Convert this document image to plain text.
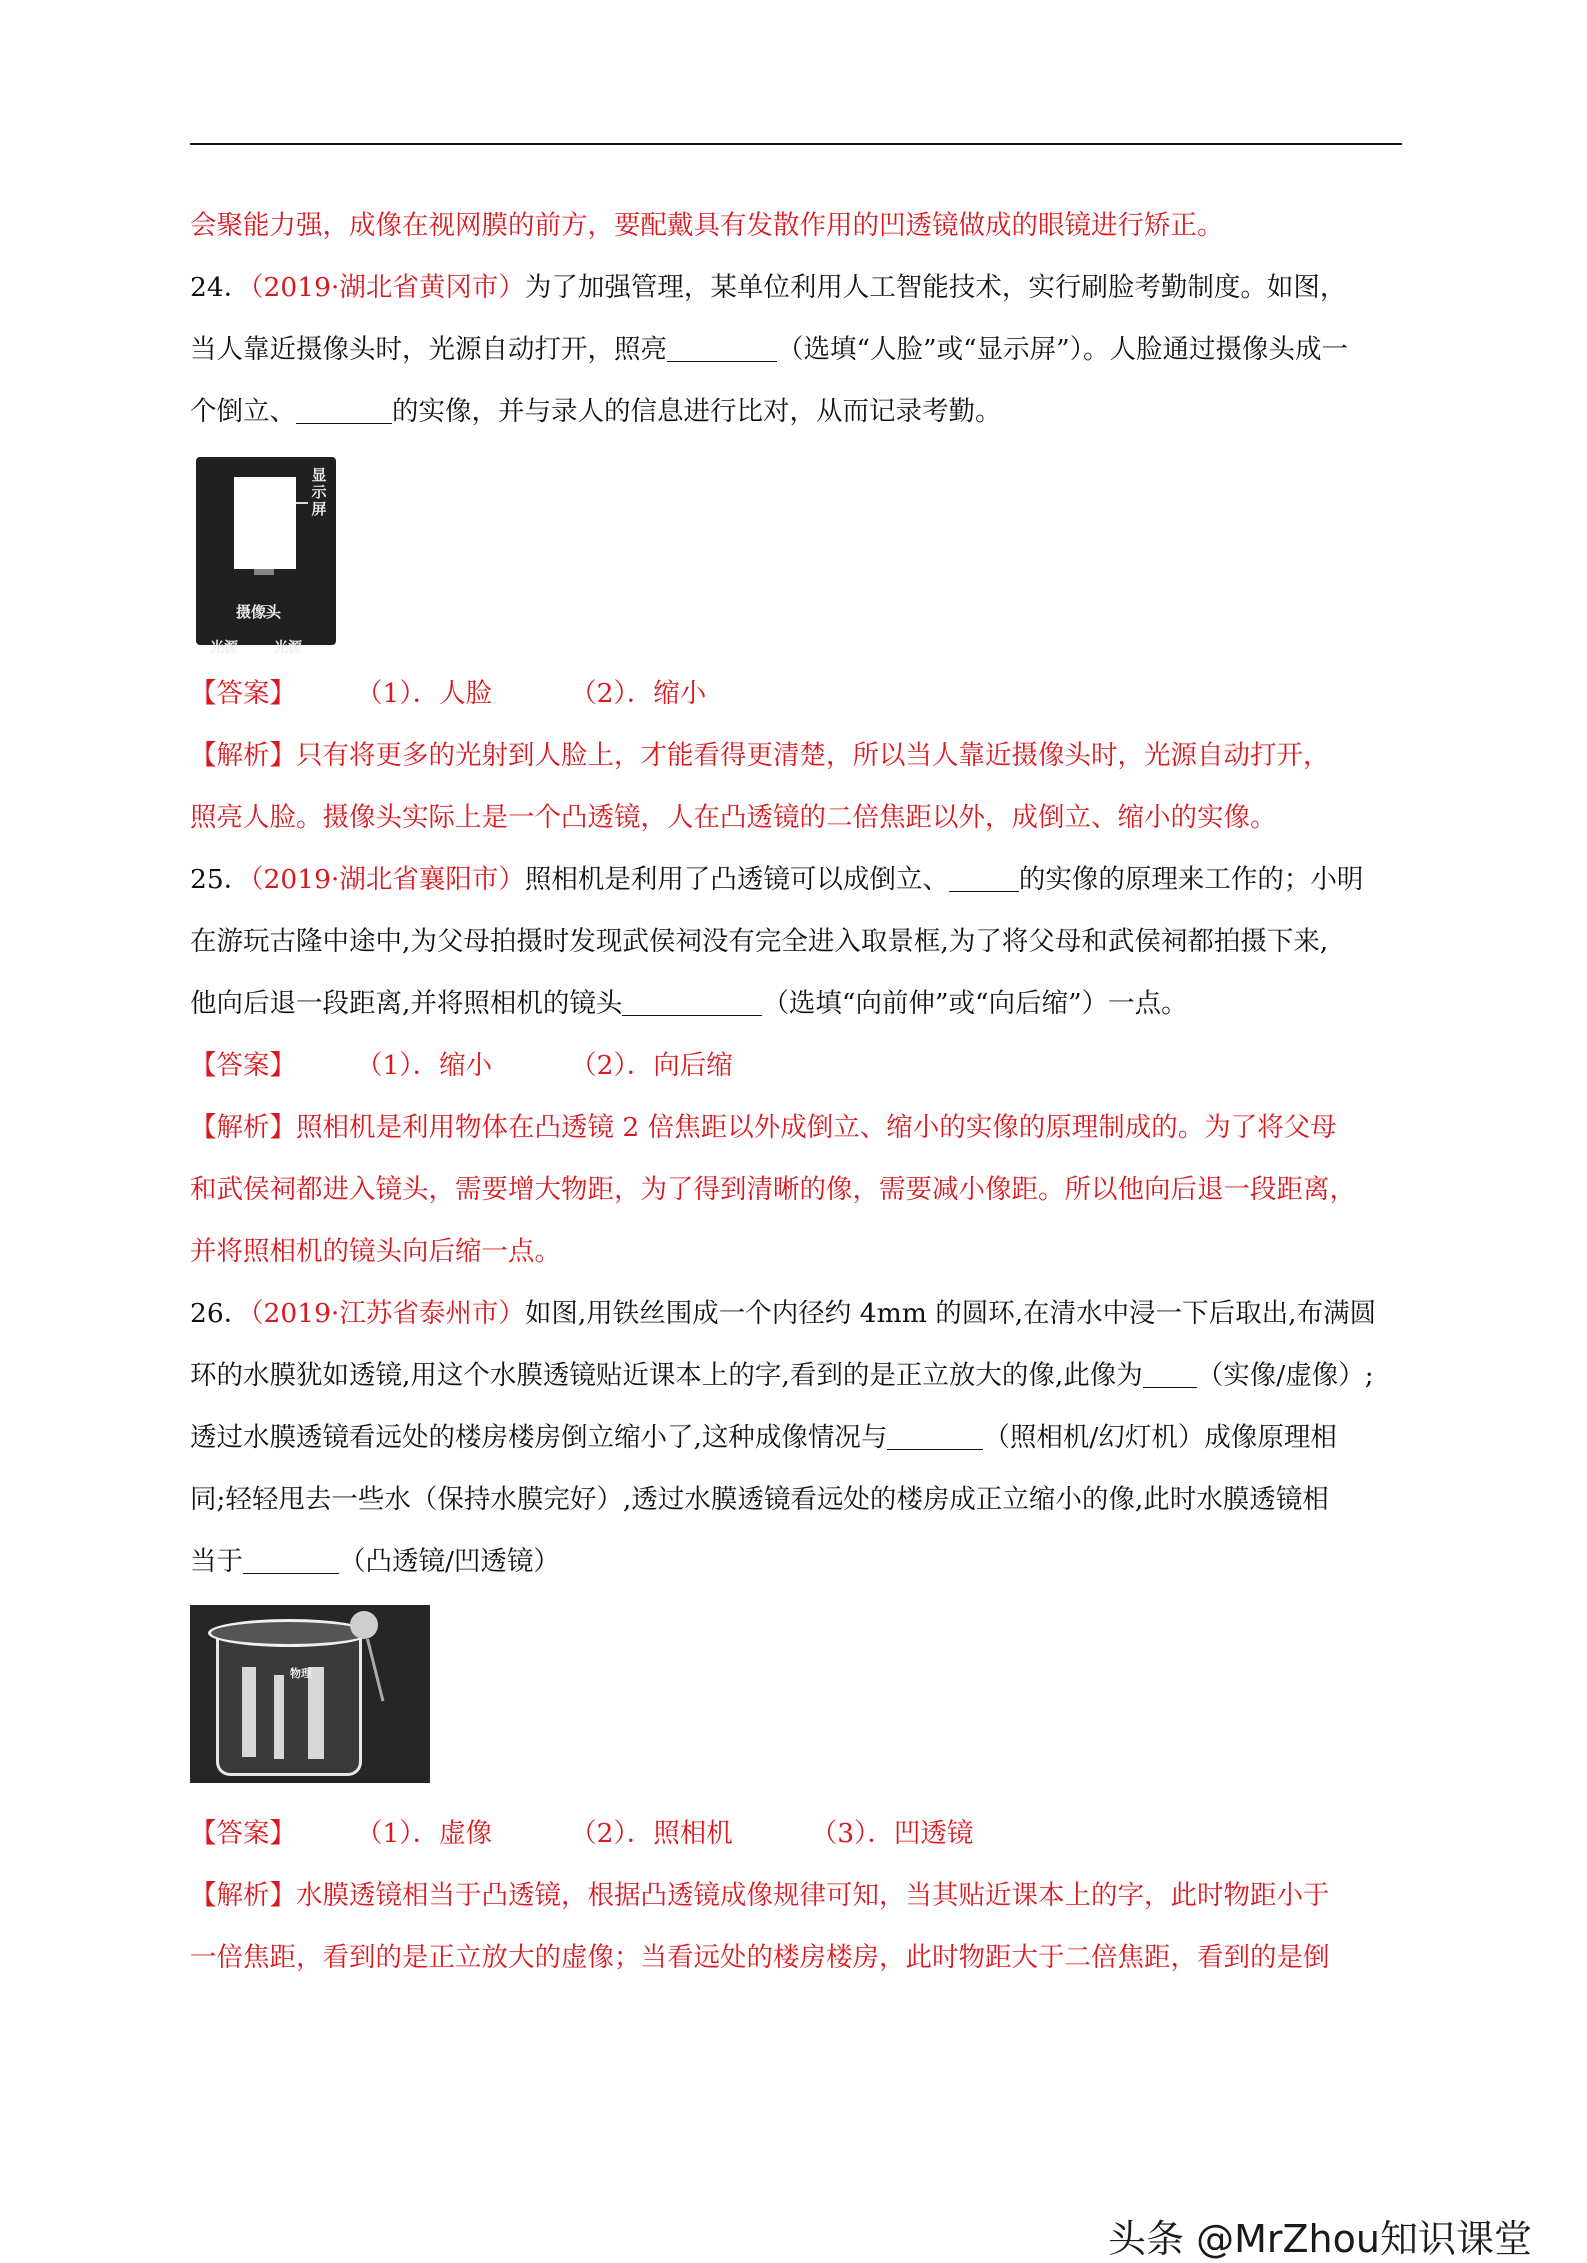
会聚能力强，成像在视网膜的前方，要配戴具有发散作用的凹透镜做成的眼镜进行矫正。
24．（2019·湖北省黄冈市）为了加强管理，某单位利用人工智能技术，实行刷脸考勤制度。如图，
当人靠近摄像头时，光源自动打开，照亮	（选填“人脸”或“显示屏”）。人脸通过摄像头成一
个倒立、	的实像，并与录人的信息进行比对，从而记录考勤。
显示屏
摄像头
光源	光源
【答案】 （1）．人脸	（2）．缩小
【解析】只有将更多的光射到人脸上，才能看得更清楚，所以当人靠近摄像头时，光源自动打开，
照亮人脸。摄像头实际上是一个凸透镜，人在凸透镜的二倍焦距以外，成倒立、缩小的实像。
25．（2019·湖北省襄阳市）照相机是利用了凸透镜可以成倒立、	的实像的原理来工作的；小明
在游玩古隆中途中,为父母拍摄时发现武侯祠没有完全进入取景框,为了将父母和武侯祠都拍摄下来,
他向后退一段距离,并将照相机的镜头	（选填“向前伸”或“向后缩”）一点。
【答案】 （1）．缩小	（2）．向后缩
【解析】照相机是利用物体在凸透镜 2 倍焦距以外成倒立、缩小的实像的原理制成的。为了将父母
和武侯祠都进入镜头，需要增大物距，为了得到清晰的像，需要减小像距。所以他向后退一段距离，
并将照相机的镜头向后缩一点。
26．（2019·江苏省泰州市）如图,用铁丝围成一个内径约 4mm 的圆环,在清水中浸一下后取出,布满圆
环的水膜犹如透镜,用这个水膜透镜贴近课本上的字,看到的是正立放大的像,此像为 （实像/虚像）;
透过水膜透镜看远处的楼房楼房倒立缩小了,这种成像情况与	（照相机/幻灯机）成像原理相
同;轻轻甩去一些水（保持水膜完好）,透过水膜透镜看远处的楼房成正立缩小的像,此时水膜透镜相
当于	（凸透镜/凹透镜）
物理
【答案】 （1）．虚像	（2）．照相机	（3）．凹透镜
【解析】水膜透镜相当于凸透镜，根据凸透镜成像规律可知，当其贴近课本上的字，此时物距小于
一倍焦距，看到的是正立放大的虚像；当看远处的楼房楼房，此时物距大于二倍焦距，看到的是倒
头条 @MrZhou知识课堂
